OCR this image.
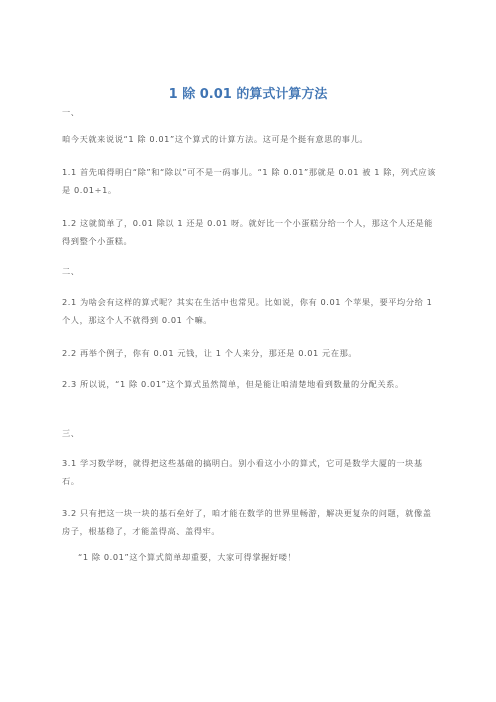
1 除 0.01 的算式计算方法

一、

咱今天就来说说“1 除 0.01”这个算式的计算方法。这可是个挺有意思的事儿。

1.1 首先咱得明白“除”和“除以”可不是一码事儿。“1 除 0.01”那就是 0.01 被 1 除，列式应该是 0.01÷1。

1.2 这就简单了，0.01 除以 1 还是 0.01 呀。就好比一个小蛋糕分给一个人，那这个人还是能得到整个小蛋糕。

二、

2.1 为啥会有这样的算式呢？其实在生活中也常见。比如说，你有 0.01 个苹果，要平均分给 1 个人，那这个人不就得到 0.01 个嘛。

2.2 再举个例子，你有 0.01 元钱，让 1 个人来分，那还是 0.01 元在那。

2.3 所以说，“1 除 0.01”这个算式虽然简单，但是能让咱清楚地看到数量的分配关系。

三、

3.1 学习数学呀，就得把这些基础的搞明白。别小看这小小的算式，它可是数学大厦的一块基石。

3.2 只有把这一块一块的基石垒好了，咱才能在数学的世界里畅游，解决更复杂的问题，就像盖房子，根基稳了，才能盖得高、盖得牢。

“1 除 0.01”这个算式简单却重要，大家可得掌握好喽！
